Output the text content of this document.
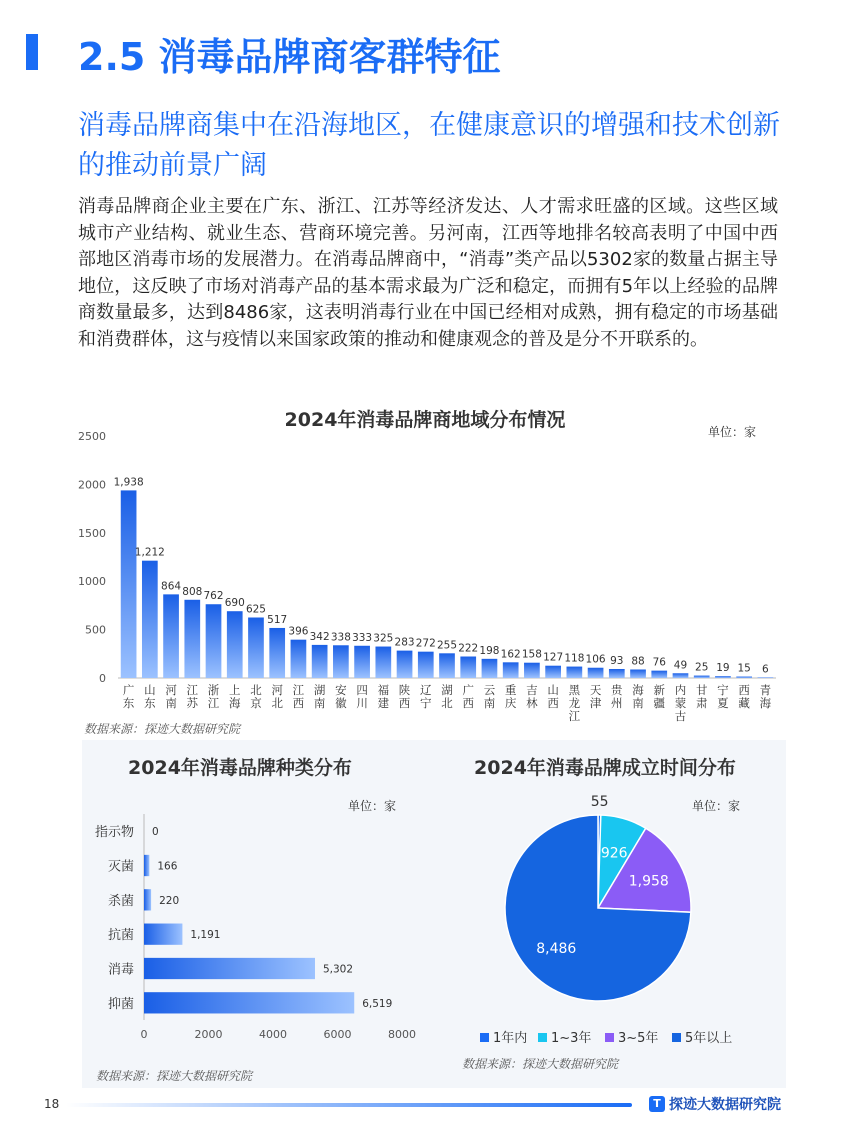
2.5 消毒品牌商客群特征
消毒品牌商集中在沿海地区，在健康意识的增强和技术创新的推动前景广阔
消毒品牌商企业主要在广东、浙江、江苏等经济发达、人才需求旺盛的区域。这些区域城市产业结构、就业生态、营商环境完善。另河南，江西等地排名较高表明了中国中西部地区消毒市场的发展潜力。在消毒品牌商中，“消毒”类产品以5302家的数量占据主导地位，这反映了市场对消毒产品的基本需求最为广泛和稳定，而拥有5年以上经验的品牌商数量最多，达到8486家，这表明消毒行业在中国已经相对成熟，拥有稳定的市场基础和消费群体，这与疫情以来国家政策的推动和健康观念的普及是分不开联系的。
2024年消毒品牌商地域分布情况
单位：家
0
500
1000
1500
2000
2500
1,938
广
东
1,212
山
东
864
河
南
808
江
苏
762
浙
江
690
上
海
625
北
京
517
河
北
396
江
西
342
湖
南
338
安
徽
333
四
川
325
福
建
283
陕
西
272
辽
宁
255
湖
北
222
广
西
198
云
南
162
重
庆
158
吉
林
127
山
西
118
黑
龙
江
106
天
津
93
贵
州
88
海
南
76
新
疆
49
内
蒙
古
25
甘
肃
19
宁
夏
15
西
藏
6
青
海
数据来源：探迹大数据研究院
2024年消毒品牌种类分布
单位：家
指示物 0
灭菌 166
杀菌 220
抗菌	1,191
消毒	5,302
抑菌	6,519
0	2000	4000	6000	8000
数据来源：探迹大数据研究院
2024年消毒品牌成立时间分布
单位：家
55
926
1,958
8,486
1年内 1~3年 3~5年 5年以上
数据来源：探迹大数据研究院
18	T 探迹大数据研究院
